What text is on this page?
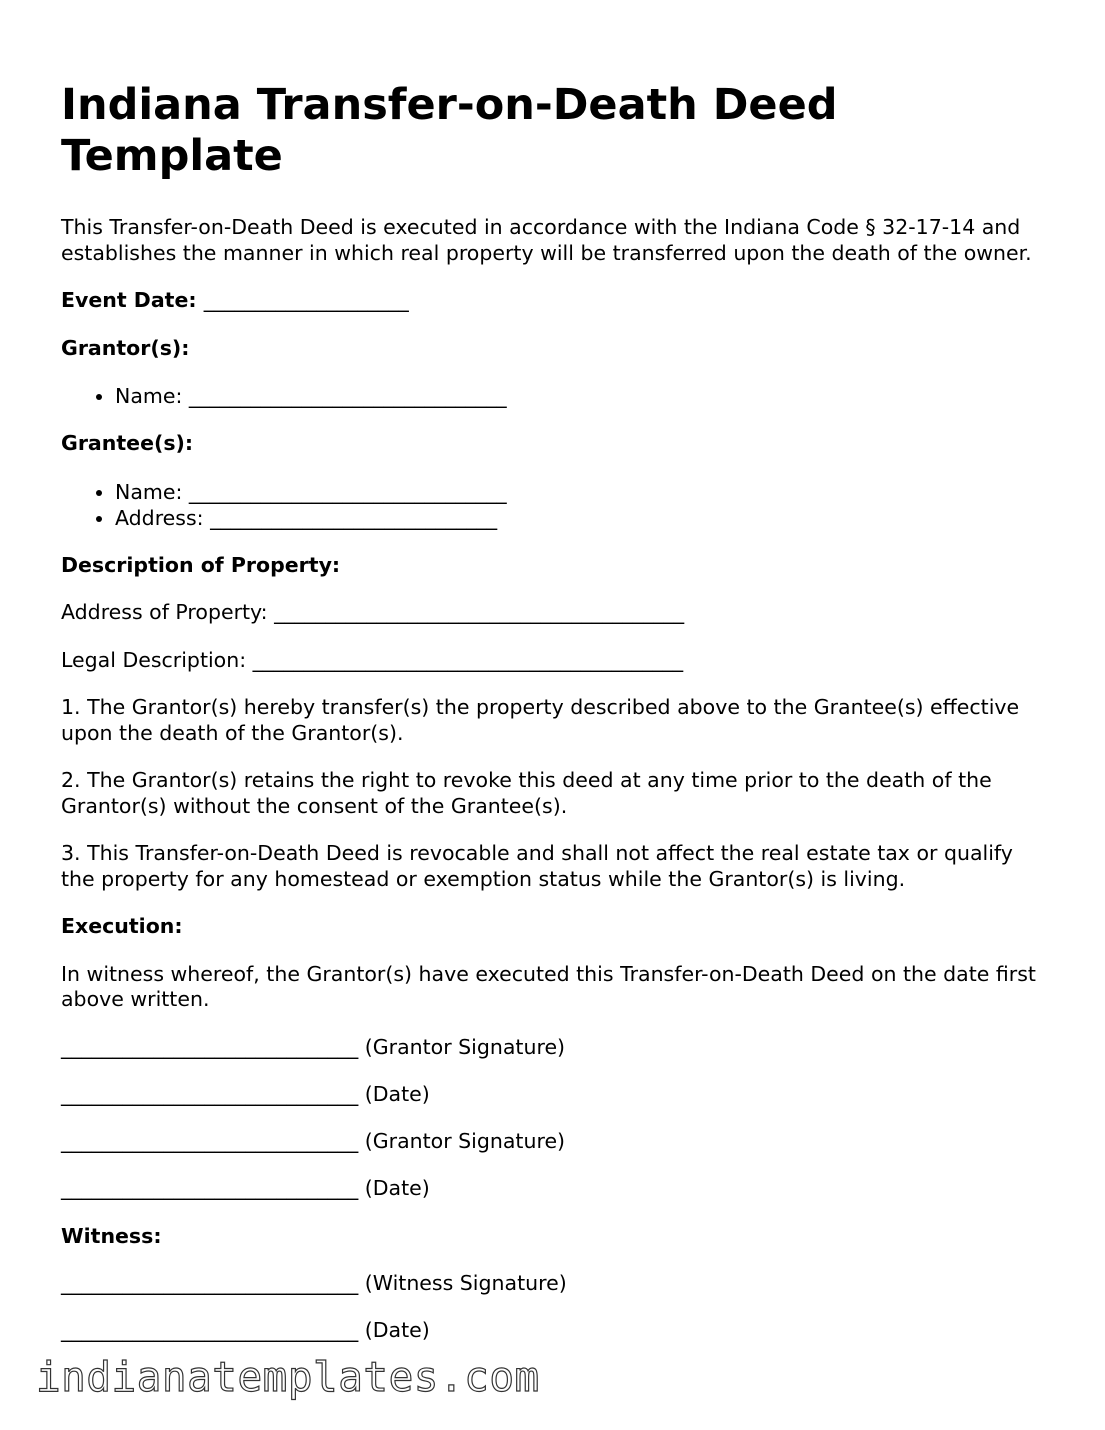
Indiana Transfer-on-Death Deed Template

This Transfer-on-Death Deed is executed in accordance with the Indiana Code § 32-17-14 and establishes the manner in which real property will be transferred upon the death of the owner.

Event Date: ____________________

Grantor(s):

• Name: _______________________________

Grantee(s):

• Name: _______________________________
• Address: ____________________________

Description of Property:

Address of Property: ________________________________________

Legal Description: __________________________________________

1. The Grantor(s) hereby transfer(s) the property described above to the Grantee(s) effective upon the death of the Grantor(s).

2. The Grantor(s) retains the right to revoke this deed at any time prior to the death of the Grantor(s) without the consent of the Grantee(s).

3. This Transfer-on-Death Deed is revocable and shall not affect the real estate tax or qualify the property for any homestead or exemption status while the Grantor(s) is living.

Execution:

In witness whereof, the Grantor(s) have executed this Transfer-on-Death Deed on the date first above written.

_____________________________ (Grantor Signature)
_____________________________ (Date)
_____________________________ (Grantor Signature)
_____________________________ (Date)

Witness:

_____________________________ (Witness Signature)
_____________________________ (Date)
indianatemplates.com
